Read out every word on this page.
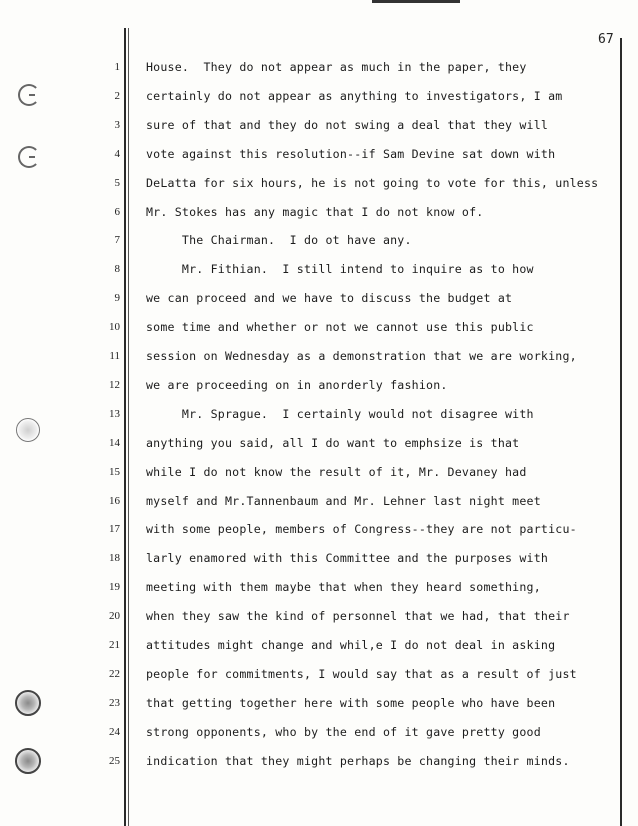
67
1
2
3
4
5
6
7
8
9
10
11
12
13
14
15
16
17
18
19
20
21
22
23
24
25
House.  They do not appear as much in the paper, they
certainly do not appear as anything to investigators, I am
sure of that and they do not swing a deal that they will
vote against this resolution--if Sam Devine sat down with
DeLatta for six hours, he is not going to vote for this, unless
Mr. Stokes has any magic that I do not know of.
The Chairman.  I do ot have any.
Mr. Fithian.  I still intend to inquire as to how
we can proceed and we have to discuss the budget at
some time and whether or not we cannot use this public
session on Wednesday as a demonstration that we are working,
we are proceeding on in anorderly fashion.
Mr. Sprague.  I certainly would not disagree with
anything you said, all I do want to emphsize is that
while I do not know the result of it, Mr. Devaney had
myself and Mr.Tannenbaum and Mr. Lehner last night meet
with some people, members of Congress--they are not particu-
larly enamored with this Committee and the purposes with
meeting with them maybe that when they heard something,
when they saw the kind of personnel that we had, that their
attitudes might change and whil,e I do not deal in asking
people for commitments, I would say that as a result of just
that getting together here with some people who have been
strong opponents, who by the end of it gave pretty good
indication that they might perhaps be changing their minds.
